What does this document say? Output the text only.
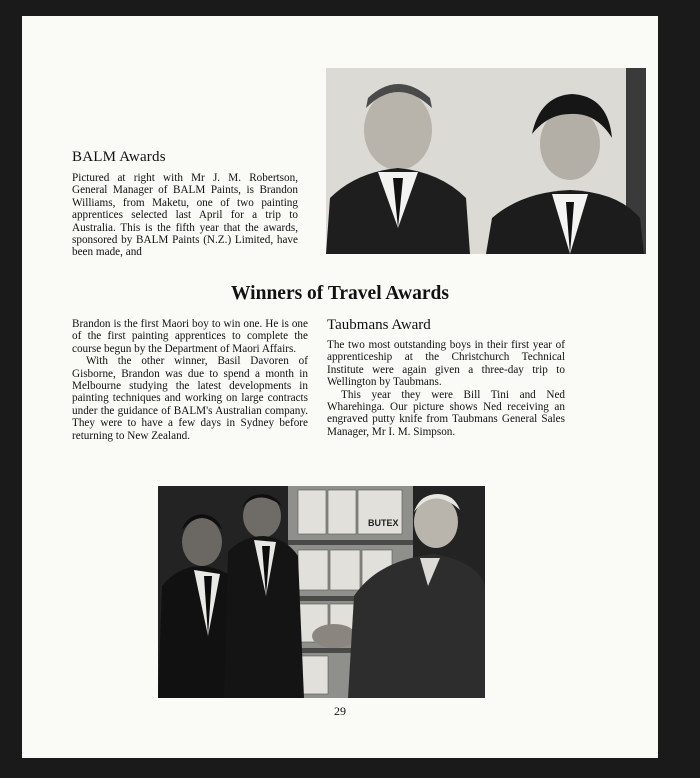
BALM Awards

Pictured at right with Mr J. M. Robertson, General Manager of BALM Paints, is Brandon Williams, from Maketu, one of two painting apprentices selected last April for a trip to Australia. This is the fifth year that the awards, sponsored by BALM Paints (N.Z.) Limited, have been made, and

Winners of Travel Awards

Brandon is the first Maori boy to win one. He is one of the first painting apprentices to complete the course begun by the Department of Maori Affairs.

With the other winner, Basil Davoren of Gisborne, Brandon was due to spend a month in Melbourne studying the latest developments in painting techniques and working on large contracts under the guidance of BALM's Australian company. They were to have a few days in Sydney before returning to New Zealand.

Taubmans Award

The two most outstanding boys in their first year of apprenticeship at the Christchurch Technical Institute were again given a three-day trip to Wellington by Taubmans.

This year they were Bill Tini and Ned Wharehinga. Our picture shows Ned receiving an engraved putty knife from Taubmans General Sales Manager, Mr I. M. Simpson.

BUTEX
29
